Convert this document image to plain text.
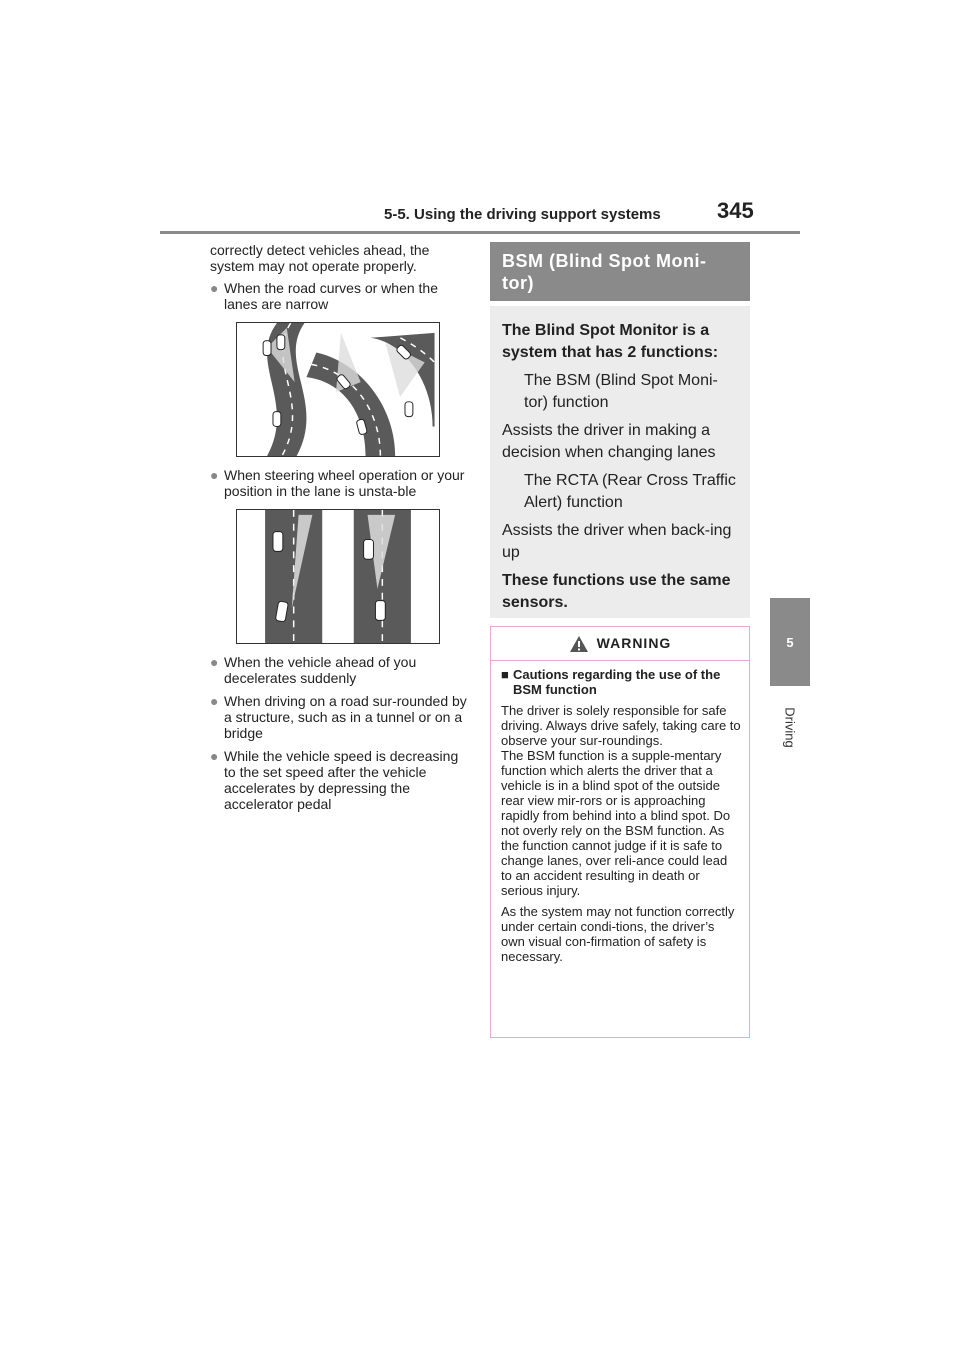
5-5. Using the driving support systems	345
5
Driving

correctly detect vehicles ahead, the system may not operate properly.

● When the road curves or when the lanes are narrow
● When steering wheel operation or your position in the lane is unsta-ble
● When the vehicle ahead of you decelerates suddenly
● When driving on a road sur-rounded by a structure, such as in a tunnel or on a bridge
● While the vehicle speed is decreasing to the set speed after the vehicle accelerates by depressing the accelerator pedal
BSM (Blind Spot Moni-tor)

The Blind Spot Monitor is a system that has 2 functions:

The BSM (Blind Spot Moni-tor) function

Assists the driver in making a decision when changing lanes

The RCTA (Rear Cross Traffic Alert) function

Assists the driver when back-ing up

These functions use the same sensors.

WARNING

■ Cautions regarding the use of the BSM function

The driver is solely responsible for safe driving. Always drive safely, taking care to observe your sur-roundings.
The BSM function is a supple-mentary function which alerts the driver that a vehicle is in a blind spot of the outside rear view mir-rors or is approaching rapidly from behind into a blind spot. Do not overly rely on the BSM function. As the function cannot judge if it is safe to change lanes, over reli-ance could lead to an accident resulting in death or serious injury.

As the system may not function correctly under certain condi-tions, the driver’s own visual con-firmation of safety is necessary.
